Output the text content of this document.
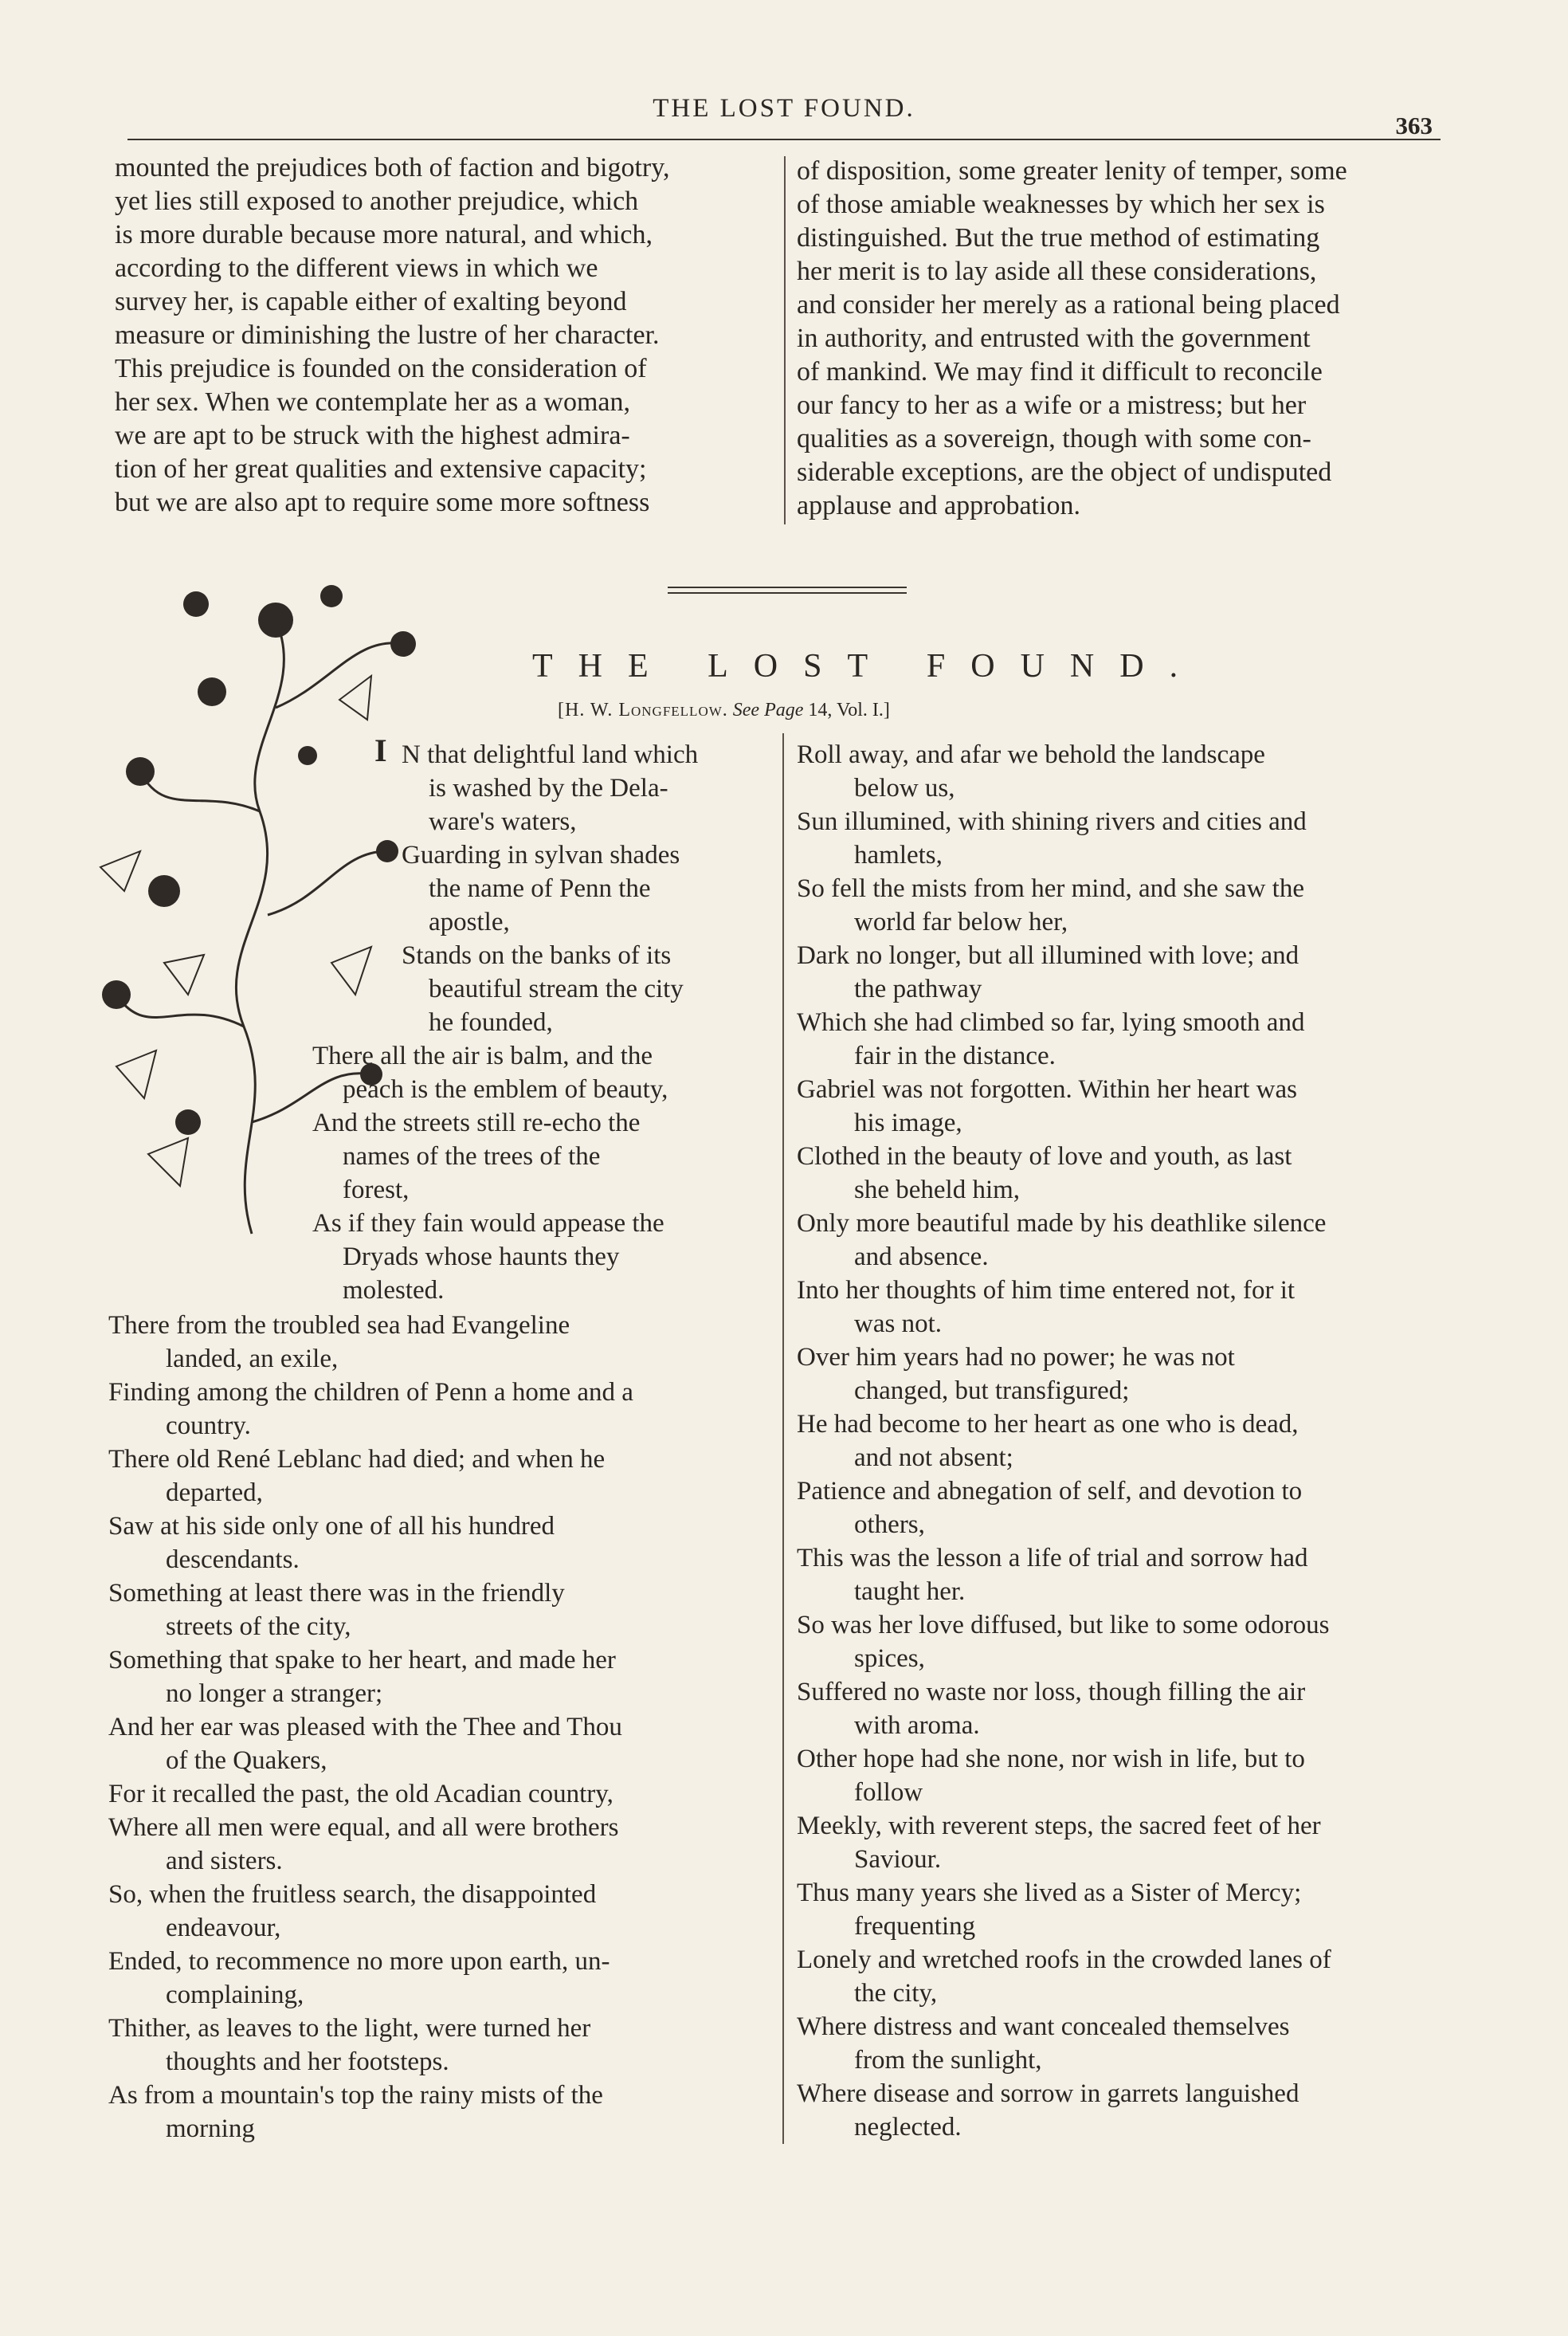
THE LOST FOUND.
363
mounted the prejudices both of faction and bigotry,
yet lies still exposed to another prejudice, which
is more durable because more natural, and which,
according to the different views in which we
survey her, is capable either of exalting beyond
measure or diminishing the lustre of her character.
This prejudice is founded on the consideration of
her sex. When we contemplate her as a woman,
we are apt to be struck with the highest admira-
tion of her great qualities and extensive capacity;
but we are also apt to require some more softness
of disposition, some greater lenity of temper, some
of those amiable weaknesses by which her sex is
distinguished. But the true method of estimating
her merit is to lay aside all these considerations,
and consider her merely as a rational being placed
in authority, and entrusted with the government
of mankind. We may find it difficult to reconcile
our fancy to her as a wife or a mistress; but her
qualities as a sovereign, though with some con-
siderable exceptions, are the object of undisputed
applause and approbation.
THE LOST FOUND.
[H. W. Longfellow. See Page 14, Vol. I.]
I N that delightful land which
is washed by the Dela-
ware's waters,
Guarding in sylvan shades
the name of Penn the
apostle,
Stands on the banks of its
beautiful stream the city
he founded,
There all the air is balm, and the
peach is the emblem of beauty,
And the streets still re-echo the
names of the trees of the
forest,
As if they fain would appease the
Dryads whose haunts they
molested.
There from the troubled sea had Evangeline
landed, an exile,
Finding among the children of Penn a home and a
country.
There old René Leblanc had died; and when he
departed,
Saw at his side only one of all his hundred
descendants.
Something at least there was in the friendly
streets of the city,
Something that spake to her heart, and made her
no longer a stranger;
And her ear was pleased with the Thee and Thou
of the Quakers,
For it recalled the past, the old Acadian country,
Where all men were equal, and all were brothers
and sisters.
So, when the fruitless search, the disappointed
endeavour,
Ended, to recommence no more upon earth, un-
complaining,
Thither, as leaves to the light, were turned her
thoughts and her footsteps.
As from a mountain's top the rainy mists of the
morning
Roll away, and afar we behold the landscape
below us,
Sun illumined, with shining rivers and cities and
hamlets,
So fell the mists from her mind, and she saw the
world far below her,
Dark no longer, but all illumined with love; and
the pathway
Which she had climbed so far, lying smooth and
fair in the distance.
Gabriel was not forgotten. Within her heart was
his image,
Clothed in the beauty of love and youth, as last
she beheld him,
Only more beautiful made by his deathlike silence
and absence.
Into her thoughts of him time entered not, for it
was not.
Over him years had no power; he was not
changed, but transfigured;
He had become to her heart as one who is dead,
and not absent;
Patience and abnegation of self, and devotion to
others,
This was the lesson a life of trial and sorrow had
taught her.
So was her love diffused, but like to some odorous
spices,
Suffered no waste nor loss, though filling the air
with aroma.
Other hope had she none, nor wish in life, but to
follow
Meekly, with reverent steps, the sacred feet of her
Saviour.
Thus many years she lived as a Sister of Mercy;
frequenting
Lonely and wretched roofs in the crowded lanes of
the city,
Where distress and want concealed themselves
from the sunlight,
Where disease and sorrow in garrets languished
neglected.
